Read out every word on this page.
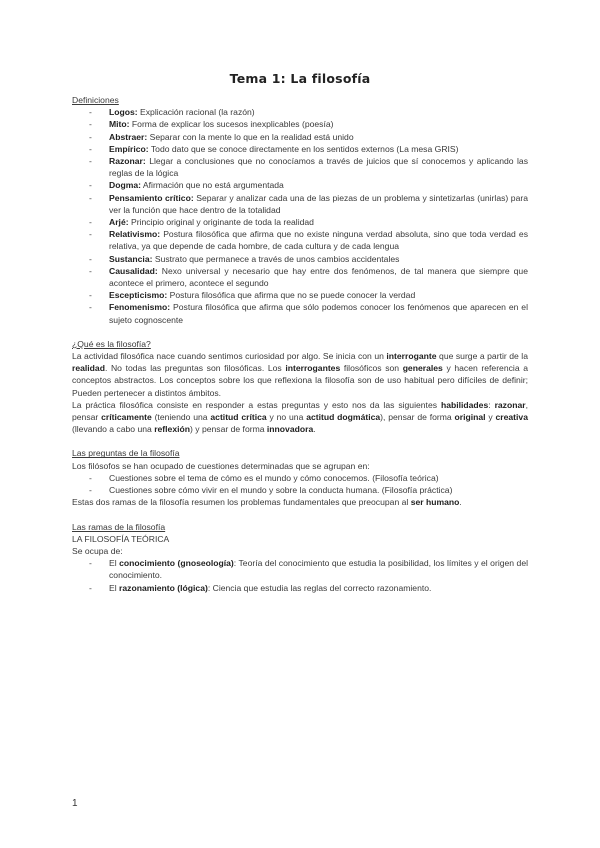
Tema 1: La filosofía
Definiciones
- Logos: Explicación racional (la razón)
- Mito: Forma de explicar los sucesos inexplicables (poesía)
- Abstraer: Separar con la mente lo que en la realidad está unido
- Empírico: Todo dato que se conoce directamente en los sentidos externos (La mesa GRIS)
- Razonar: Llegar a conclusiones que no conocíamos a través de juicios que sí conocemos y aplicando las reglas de la lógica
- Dogma: Afirmación que no está argumentada
- Pensamiento crítico: Separar y analizar cada una de las piezas de un problema y sintetizarlas (unirlas) para ver la función que hace dentro de la totalidad
- Arjé: Principio original y originante de toda la realidad
- Relativismo: Postura filosófica que afirma que no existe ninguna verdad absoluta, sino que toda verdad es relativa, ya que depende de cada hombre, de cada cultura y de cada lengua
- Sustancia: Sustrato que permanece a través de unos cambios accidentales
- Causalidad: Nexo universal y necesario que hay entre dos fenómenos, de tal manera que siempre que acontece el primero, acontece el segundo
- Escepticismo: Postura filosófica que afirma que no se puede conocer la verdad
- Fenomenismo: Postura filosófica que afirma que sólo podemos conocer los fenómenos que aparecen en el sujeto cognoscente
¿Qué es la filosofía?

La actividad filosófica nace cuando sentimos curiosidad por algo. Se inicia con un interrogante que surge a partir de la realidad. No todas las preguntas son filosóficas. Los interrogantes filosóficos son generales y hacen referencia a conceptos abstractos. Los conceptos sobre los que reflexiona la filosofía son de uso habitual pero difíciles de definir; Pueden pertenecer a distintos ámbitos.

La práctica filosófica consiste en responder a estas preguntas y esto nos da las siguientes habilidades: razonar, pensar críticamente (teniendo una actitud crítica y no una actitud dogmática), pensar de forma original y creativa (llevando a cabo una reflexión) y pensar de forma innovadora.

Las preguntas de la filosofía

Los filósofos se han ocupado de cuestiones determinadas que se agrupan en:

- Cuestiones sobre el tema de cómo es el mundo y cómo conocemos. (Filosofía teórica)
- Cuestiones sobre cómo vivir en el mundo y sobre la conducta humana. (Filosofía práctica)

Estas dos ramas de la filosofía resumen los problemas fundamentales que preocupan al ser humano.

Las ramas de la filosofía

LA FILOSOFÍA TEÓRICA

Se ocupa de:

- El conocimiento (gnoseología): Teoría del conocimiento que estudia la posibilidad, los límites y el origen del conocimiento.
- El razonamiento (lógica): Ciencia que estudia las reglas del correcto razonamiento.
1
